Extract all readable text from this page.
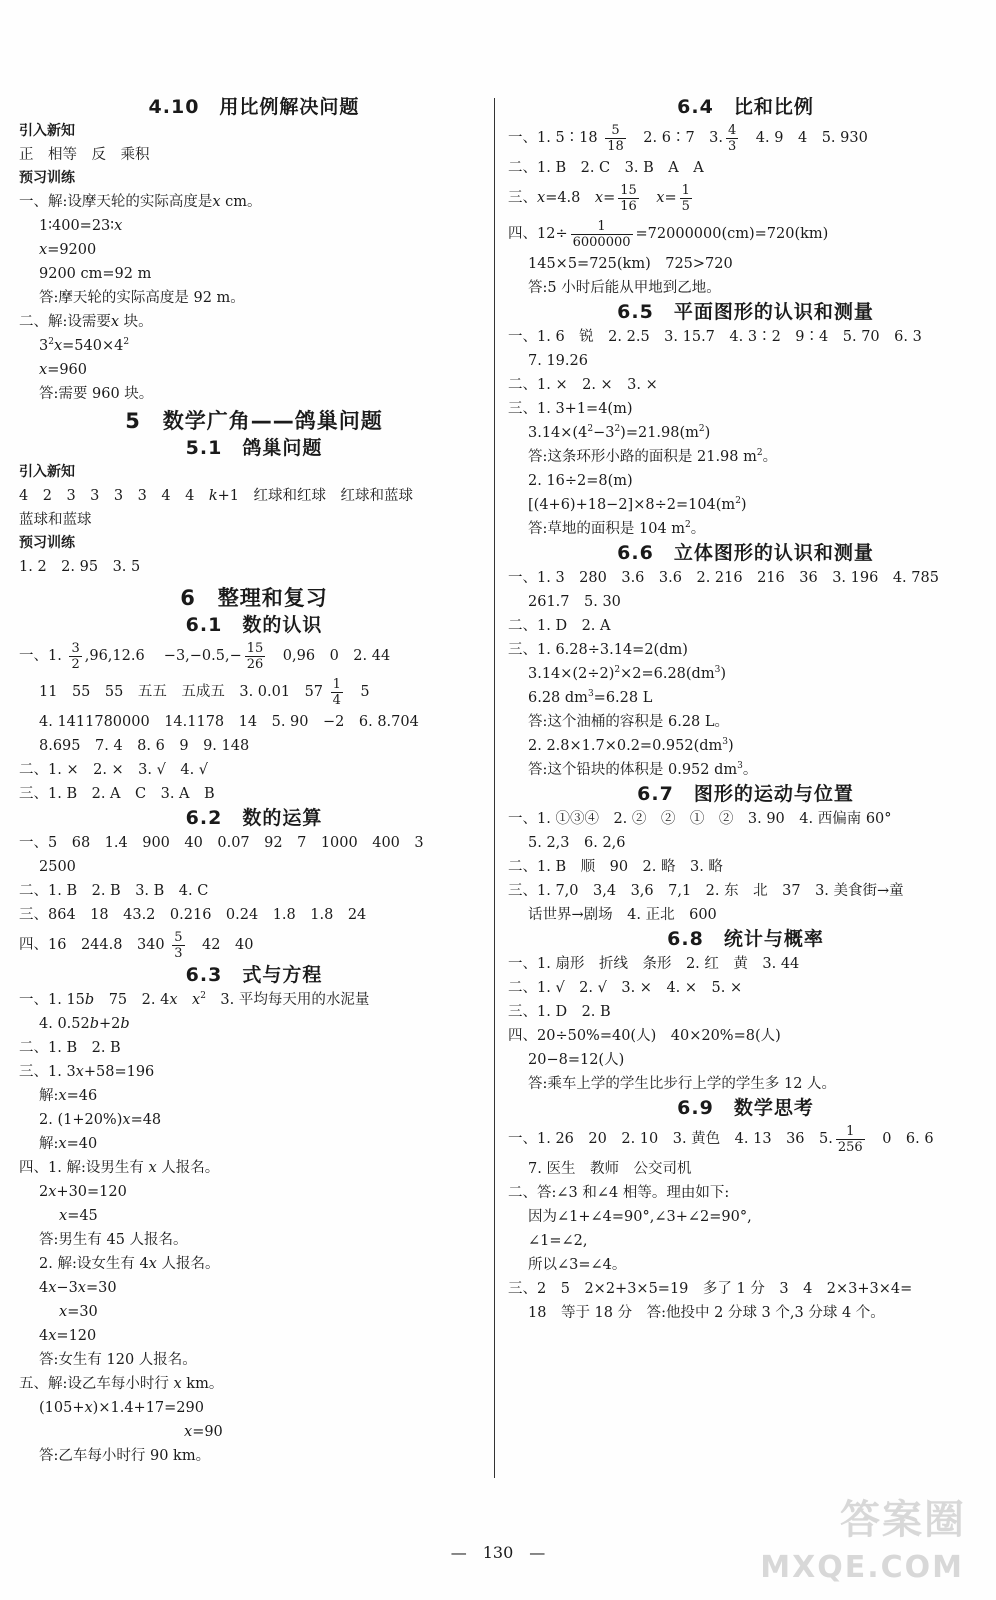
4.10　用比例解决问题
引入新知
正　相等　反　乘积
预习训练
一、解:设摩天轮的实际高度是x cm。
1∶400=23∶x
x=9200
9200 cm=92 m
答:摩天轮的实际高度是 92 m。
二、解:设需要x 块。
$3^2x=540\times 4^2$
x=960
答:需要 960 块。
5　数学广角——鸽巢问题
5.1　鸽巢问题
引入新知
4　2　3　3　3　3　4　4　 k+1　红球和红球　红球和蓝球
蓝球和蓝球
预习训练
1. 2　2. 95　3. 5
6　整理和复习
6.1　数的认识
一、1. $\frac{3}{2} ,96,12.6$　 $-3,-0.5,- \frac{15}{26}$ 　0,96　0　2. 44
11　55　55　五五　五成五　3. 0.01　$57 \frac{1}{4}$ 　5
4. 1411780000　14.1178　14　5. 90　−2　6. 8.704
8.695　7. 4　8. 6　9　9. 148
二、1. ×　2. ×　3. √　4. √
三、1. B　2. A　C　3. A　B
6.2　数的运算
一、5　68　1.4　900　40　0.07　92　7　1000　400　3
2500
二、1. B　2. B　3. B　4. C
三、864　18　43.2　0.216　0.24　1.8　1.8　24
四、16　244.8　$340 \frac{5}{3}$ 　42　40
6.3　式与方程
一、1. 15b　75　2. 4x　 $x^2$　3. 平均每天用的水泥量
4. 0.52b+2b
二、1. B　2. B
三、1. 3x+58=196
解:x=46
2. (1+20%)x=48
解:x=40
四、1. 解:设男生有 x 人报名。
2x+30=120
x=45
答:男生有 45 人报名。
2. 解:设女生有 4x 人报名。
4x−3x=30
x=30
4x=120
答:女生有 120 人报名。
五、解:设乙车每小时行 x km。
(105+x)×1.4+17=290
x=90
答:乙车每小时行 90 km。
6.4　比和比例
一、1. 5∶18 $\frac{5}{18}$ 　2. 6∶7　3. $\frac{4}{3}$ 　4. 9　4　5. 930
二、1. B　2. C　3. B　A　A
三、x=4.8　$x= \frac{15}{16}$
　 $x= \frac{1}{5}$
四、$12\div \frac{1}{6000000} =72000000(cm)=720(km)$
145×5=725(km)　725>720
答:5 小时后能从甲地到乙地。
6.5　平面图形的认识和测量
一、1. 6　锐　2. 2.5　3. 15.7　4. 3∶2　9∶4　5. 70　6. 3
7. 19.26
二、1. ×　2. ×　3. ×
三、1. 3+1=4(m)
$3.14\times(4^2-3^2)=21.98(m^2)$
答:这条环形小路的面积是 21.98 $m^2$。
2. 16÷2=8(m)
$[(4+6)+18-2]\times 8\div 2=104(m^2)$
答:草地的面积是 104 $m^2$。
6.6　立体图形的认识和测量
一、1. 3　280　3.6　3.6　2. 216　216　36　3. 196　4. 785
261.7　5. 30
二、1. D　2. A
三、1. 6.28÷3.14=2(dm)
$3.14\times(2\div 2)^2\times 2=6.28(dm^3)$
6.28 $dm^3=6.28$ L
答:这个油桶的容积是 6.28 L。
2. $2.8\times 1.7\times 0.2=0.952(dm^3)$
答:这个铅块的体积是 0.952 $dm^3$。
6.7　图形的运动与位置
一、1. ①③④　2. ②　②　①　②　3. 90　4. 西偏南 60°
5. 2,3　6. 2,6
二、1. B　顺　90　2. 略　3. 略
三、1. 7,0　3,4　3,6　7,1　2. 东　北　37　3. 美食街→童
话世界→剧场　4. 正北　600
6.8　统计与概率
一、1. 扇形　折线　条形　2. 红　黄　3. 44
二、1. √　2. √　3. ×　4. ×　5. ×
三、1. D　2. B
四、20÷50%=40(人)　40×20%=8(人)
20−8=12(人)
答:乘车上学的学生比步行上学的学生多 12 人。
6.9　数学思考
一、1. 26　20　2. 10　3. 黄色　4. 13　36　5. $\frac{1}{256}$ 　0　6. 6
7. 医生　教师　公交司机
二、答:∠3 和∠4 相等。理由如下:
因为∠1+∠4=90°,∠3+∠2=90°,
∠1=∠2,
所以∠3=∠4。
三、2　5　2×2+3×5=19　多了 1 分　3　4　2×3+3×4=
18　等于 18 分　答:他投中 2 分球 3 个,3 分球 4 个。
—　 130　 —
答案圈
MXQE.COM
